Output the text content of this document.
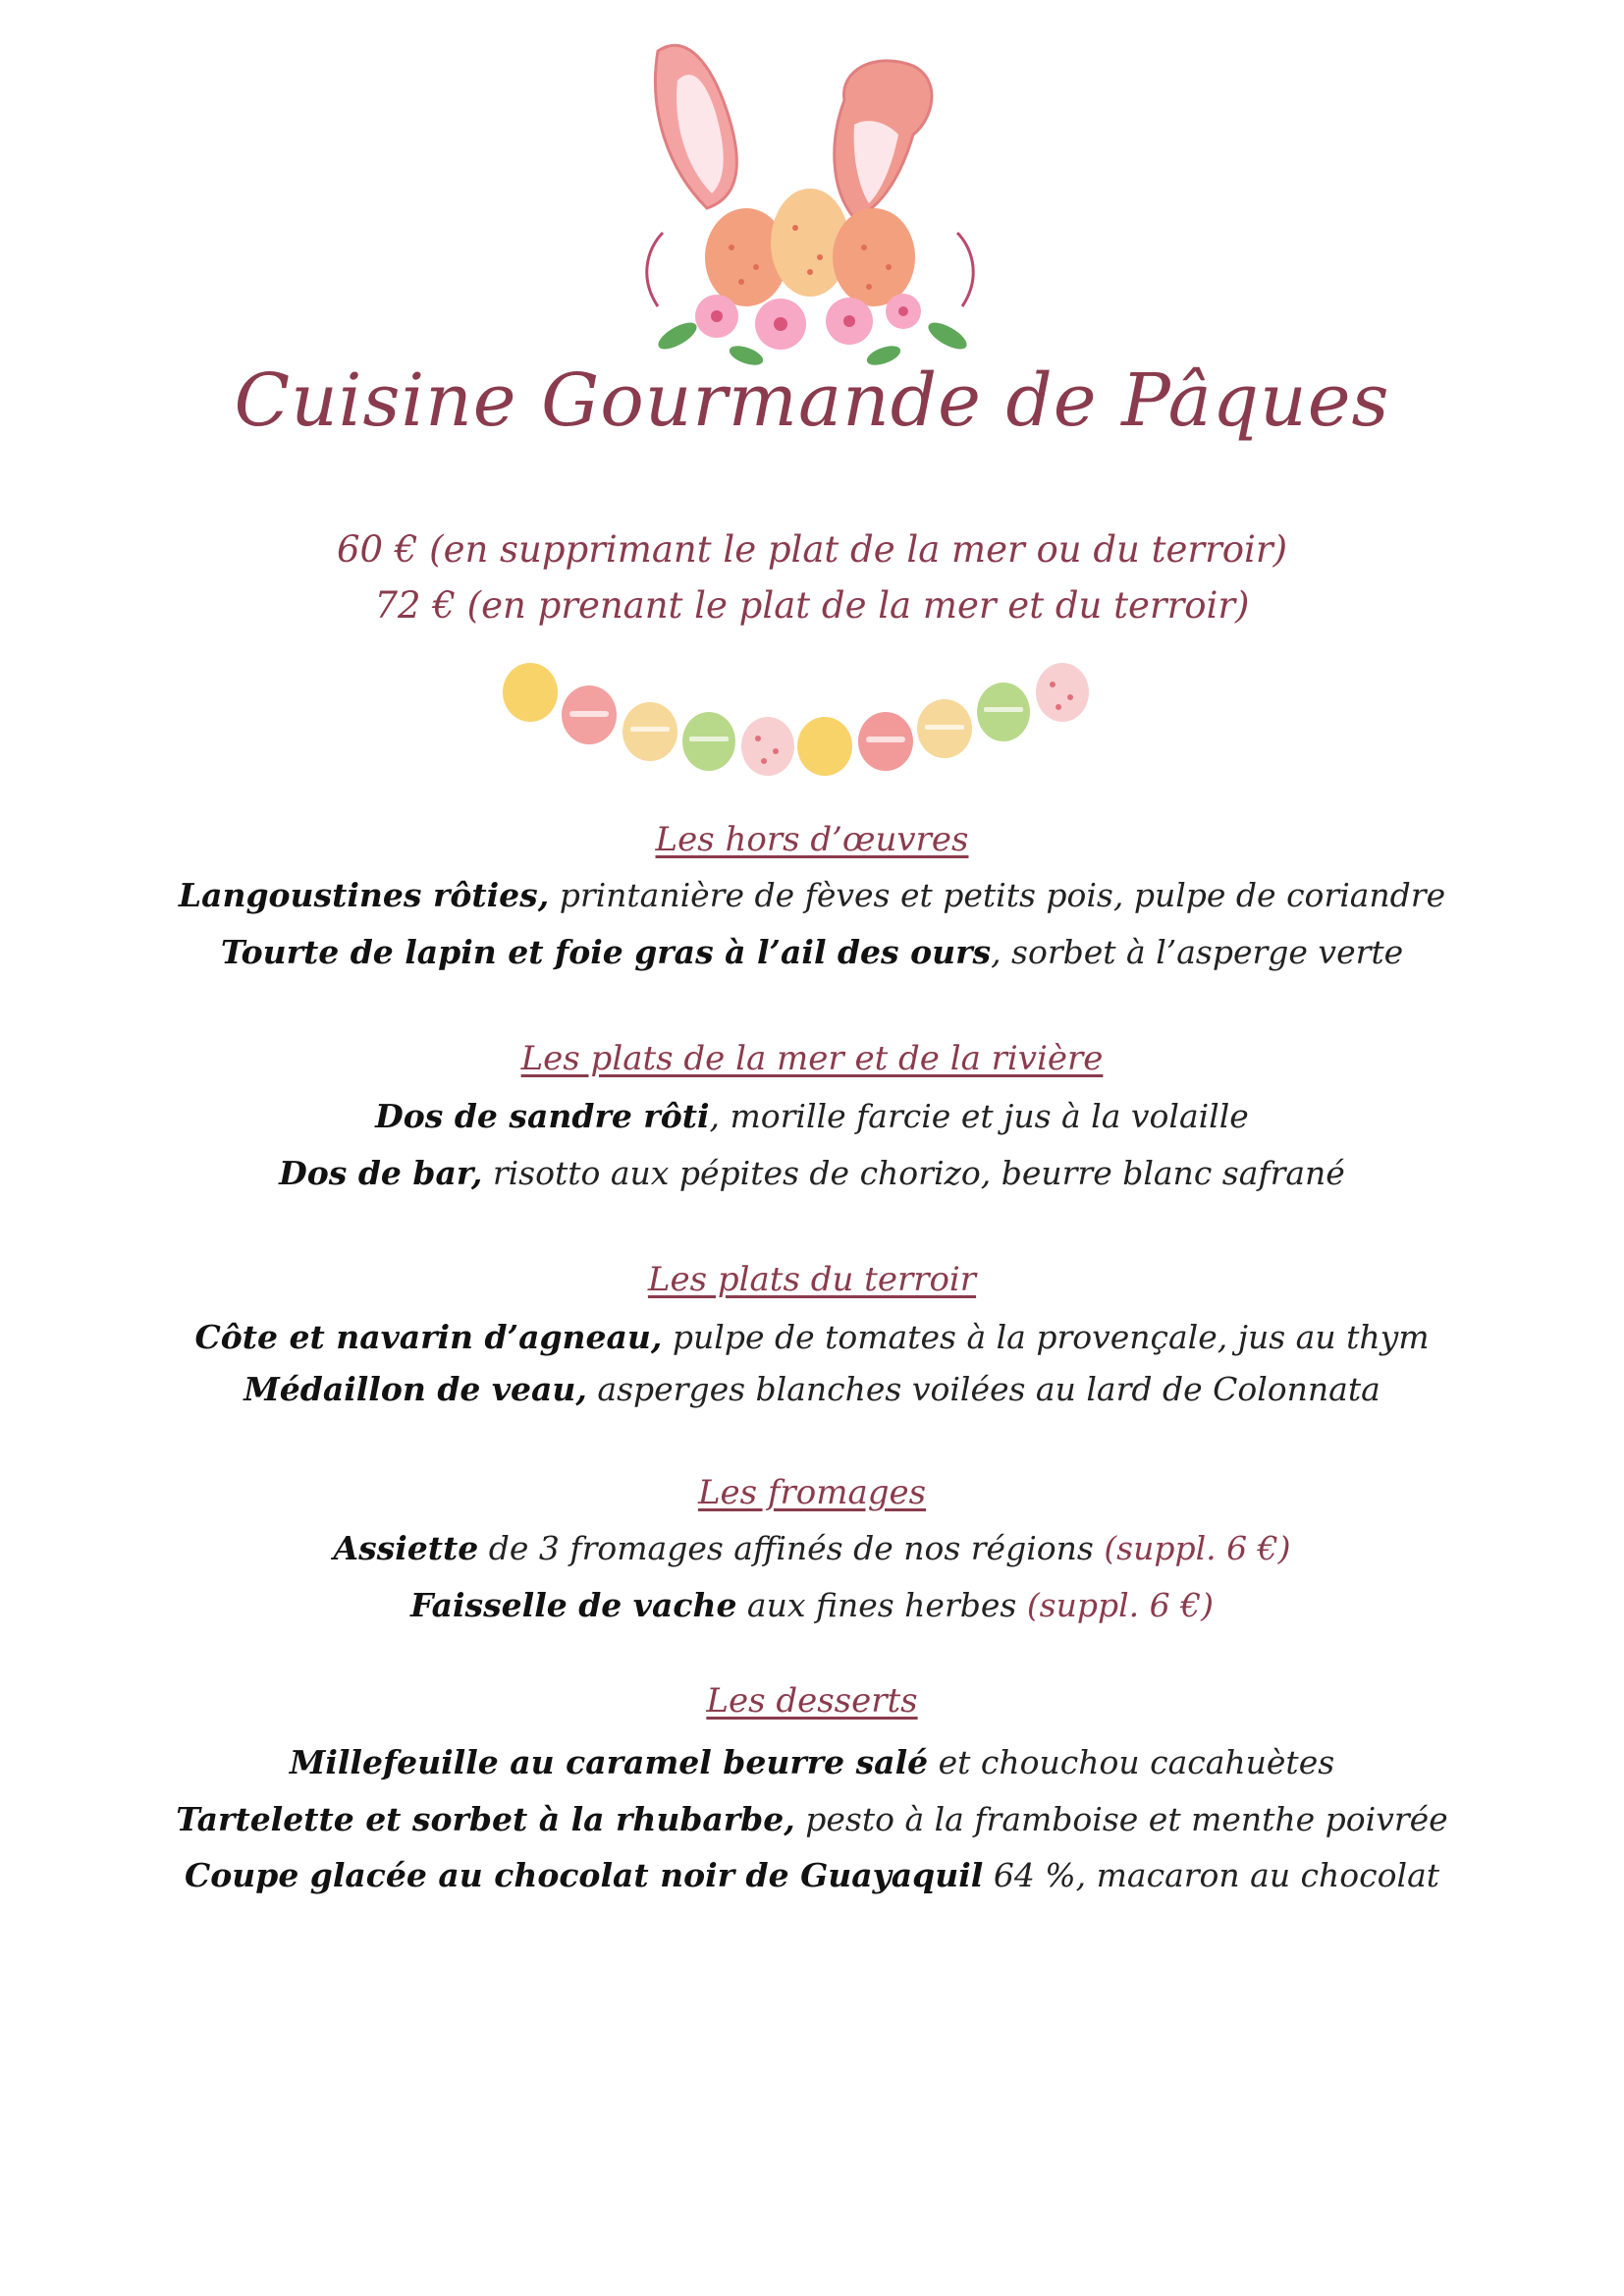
Cuisine Gourmande de Pâques
60 € (en supprimant le plat de la mer ou du terroir)
72 € (en prenant le plat de la mer et du terroir)
Les hors d’œuvres
Langoustines rôties, printanière de fèves et petits pois, pulpe de coriandre
Tourte de lapin et foie gras à l’ail des ours, sorbet à l’asperge verte
Les plats de la mer et de la rivière
Dos de sandre rôti, morille farcie et jus à la volaille
Dos de bar, risotto aux pépites de chorizo, beurre blanc safrané
Les plats du terroir
Côte et navarin d’agneau, pulpe de tomates à la provençale, jus au thym
Médaillon de veau, asperges blanches voilées au lard de Colonnata
Les fromages
Assiette de 3 fromages affinés de nos régions (suppl. 6 €)
Faisselle de vache aux fines herbes (suppl. 6 €)
Les desserts
Millefeuille au caramel beurre salé et chouchou cacahuètes
Tartelette et sorbet à la rhubarbe, pesto à la framboise et menthe poivrée
Coupe glacée au chocolat noir de Guayaquil 64 %, macaron au chocolat
